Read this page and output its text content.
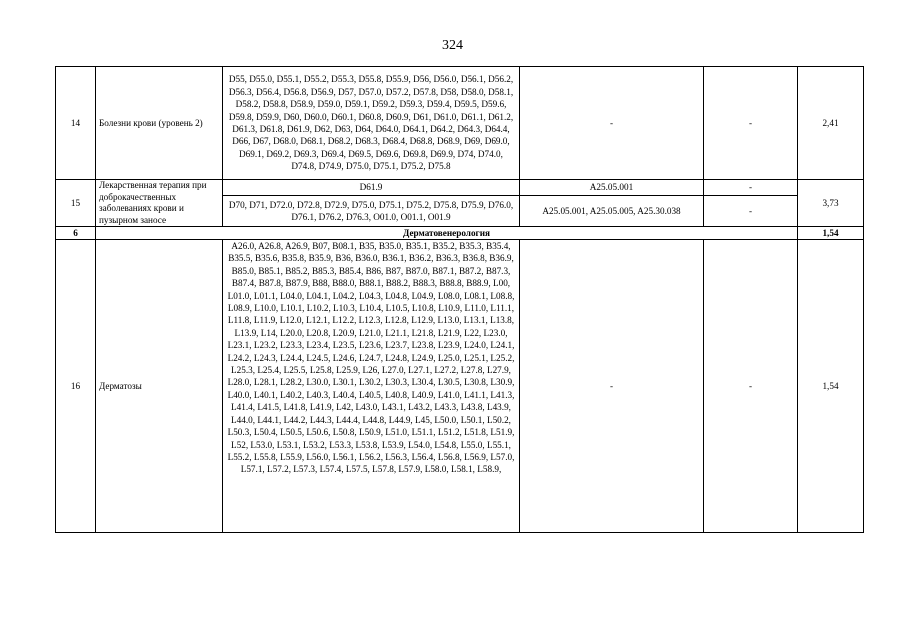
324
14	Болезни крови (уровень 2)	D55, D55.0, D55.1, D55.2, D55.3, D55.8, D55.9, D56, D56.0, D56.1, D56.2, D56.3, D56.4, D56.8, D56.9, D57, D57.0, D57.2, D57.8, D58, D58.0, D58.1, D58.2, D58.8, D58.9, D59.0, D59.1, D59.2, D59.3, D59.4, D59.5, D59.6, D59.8, D59.9, D60, D60.0, D60.1, D60.8, D60.9, D61, D61.0, D61.1, D61.2, D61.3, D61.8, D61.9, D62, D63, D64, D64.0, D64.1, D64.2, D64.3, D64.4, D66, D67, D68.0, D68.1, D68.2, D68.3, D68.4, D68.8, D68.9, D69, D69.0, D69.1, D69.2, D69.3, D69.4, D69.5, D69.6, D69.8, D69.9, D74, D74.0, D74.8, D74.9, D75.0, D75.1, D75.2, D75.8	-	-	2,41
15	Лекарственная терапия при доброкачественных заболеваниях крови и пузырном заносе	D61.9	A25.05.001	-	3,73
		D70, D71, D72.0, D72.8, D72.9, D75.0, D75.1, D75.2, D75.8, D75.9, D76.0, D76.1, D76.2, D76.3, O01.0, O01.1, O01.9	A25.05.001, A25.05.005, A25.30.038	-	
6	Дерматовенерология				1,54
16	Дерматозы	A26.0, A26.8, A26.9, B07, B08.1, B35, B35.0, B35.1, B35.2, B35.3, B35.4, B35.5, B35.6, B35.8, B35.9, B36, B36.0, B36.1, B36.2, B36.3, B36.8, B36.9, B85.0, B85.1, B85.2, B85.3, B85.4, B86, B87, B87.0, B87.1, B87.2, B87.3, B87.4, B87.8, B87.9, B88, B88.0, B88.1, B88.2, B88.3, B88.8, B88.9, L00, L01.0, L01.1, L04.0, L04.1, L04.2, L04.3, L04.8, L04.9, L08.0, L08.1, L08.8, L08.9, L10.0, L10.1, L10.2, L10.3, L10.4, L10.5, L10.8, L10.9, L11.0, L11.1, L11.8, L11.9, L12.0, L12.1, L12.2, L12.3, L12.8, L12.9, L13.0, L13.1, L13.8, L13.9, L14, L20.0, L20.8, L20.9, L21.0, L21.1, L21.8, L21.9, L22, L23.0, L23.1, L23.2, L23.3, L23.4, L23.5, L23.6, L23.7, L23.8, L23.9, L24.0, L24.1, L24.2, L24.3, L24.4, L24.5, L24.6, L24.7, L24.8, L24.9, L25.0, L25.1, L25.2, L25.3, L25.4, L25.5, L25.8, L25.9, L26, L27.0, L27.1, L27.2, L27.8, L27.9, L28.0, L28.1, L28.2, L30.0, L30.1, L30.2, L30.3, L30.4, L30.5, L30.8, L30.9, L40.0, L40.1, L40.2, L40.3, L40.4, L40.5, L40.8, L40.9, L41.0, L41.1, L41.3, L41.4, L41.5, L41.8, L41.9, L42, L43.0, L43.1, L43.2, L43.3, L43.8, L43.9, L44.0, L44.1, L44.2, L44.3, L44.4, L44.8, L44.9, L45, L50.0, L50.1, L50.2, L50.3, L50.4, L50.5, L50.6, L50.8, L50.9, L51.0, L51.1, L51.2, L51.8, L51.9, L52, L53.0, L53.1, L53.2, L53.3, L53.8, L53.9, L54.0, L54.8, L55.0, L55.1, L55.2, L55.8, L55.9, L56.0, L56.1, L56.2, L56.3, L56.4, L56.8, L56.9, L57.0, L57.1, L57.2, L57.3, L57.4, L57.5, L57.8, L57.9, L58.0, L58.1, L58.9,	-	-	1,54
